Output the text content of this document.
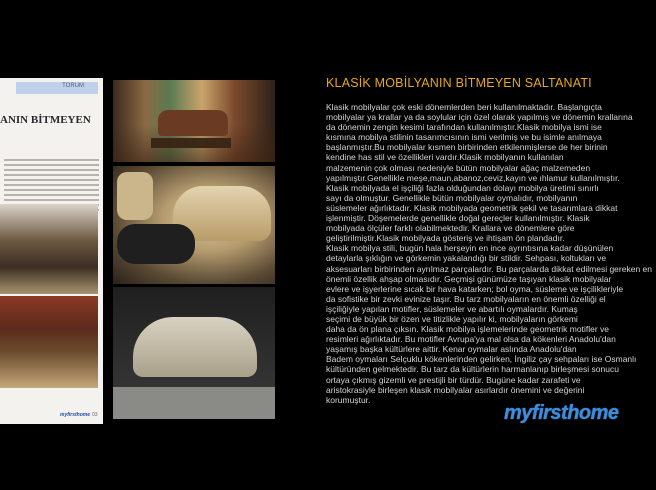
TORUM
ANIN BİTMEYEN
myfirsthome 03
KLASİK MOBİLYANIN BİTMEYEN SALTANATI
Klasik mobilyalar çok eski dönemlerden beri kullanılmaktadır. Başlangıçta
mobilyalar ya krallar ya da soylular için özel olarak yapılmış ve dönemin krallarına
da dönemin zengin kesimi tarafından kullanılmıştır.Klasik mobilya ismi ise
kısmına mobilya stilinin tasarımcısının ismi verilmiş ve bu isimle anılmaya
başlanmıştır.Bu mobilyalar kısmen birbirinden etkilenmişlerse de her birinin
kendine has stil ve özellikleri vardır.Klasik mobilyanın kullanılan
malzemenin çok olması nedeniyle bütün mobilyalar ağaç malzemeden
yapılmıştır.Genellikle meşe,maun,abanoz,ceviz,kayın ve ıhlamur kullanılmıştır.
Klasik mobilyada el işçiliği fazla olduğundan dolayı mobilya üretimi sınırlı
sayı da olmuştur. Genellikle bütün mobilyalar oymalıdır, mobilyanın
süslemeler ağırlıktadır. Klasik mobilyada geometrik şekil ve tasarımlara dikkat
işlenmiştir. Döşemelerde genellikle doğal gereçler kullanılmıştır. Klasik
mobilyada ölçüler farklı olabilmektedir. Krallara ve dönemlere göre
geliştirilmiştir.Klasik mobilyada gösteriş ve ihtişam ön plandadır.
Klasik mobilya stili, bugün hala herşeyin en ince ayrıntısına kadar düşünülen
detaylarla şıklığın ve görkemin yakalandığı bir stildir. Sehpası, koltukları ve
aksesuarları birbirinden ayrılmaz parçalardır. Bu parçalarda dikkat edilmesi gereken en
önemli özellik ahşap olmasıdır. Geçmişi günümüze taşıyan klasik mobilyalar
evlere ve işyerlerine sıcak bir hava katarken; bol oyma, süsleme ve işçilikleriyle
da sofistike bir zevki evinize taşır. Bu tarz mobilyaların en önemli özelliği el
işçiliğiyle yapılan motifler, süslemeler ve abartılı oymalardır. Kumaş
seçimi de büyük bir özen ve titizlikle yapılır ki, mobilyaların görkemi
daha da ön plana çıksın. Klasik mobilya işlemelerinde geometrik motifler ve
resimleri ağırlıktadır. Bu motifler Avrupa'ya mal olsa da kökenleri Anadolu'dan
yaşamış başka kültürlere aittir. Kenar oymalar aslında Anadolu'dan
Badem oymaları Selçuklu kökenlerinden gelirken, İngiliz çay sehpaları ise Osmanlı
kültüründen gelmektedir. Bu tarz da kültürlerin harmanlanıp birleşmesi sonucu
ortaya çıkmış gizemli ve prestijli bir türdür. Bugüne kadar zarafeti ve
aristokrasiyle birleşen klasik mobilyalar asırlardır önemini ve değerini
korumuştur.
myfirsthome
